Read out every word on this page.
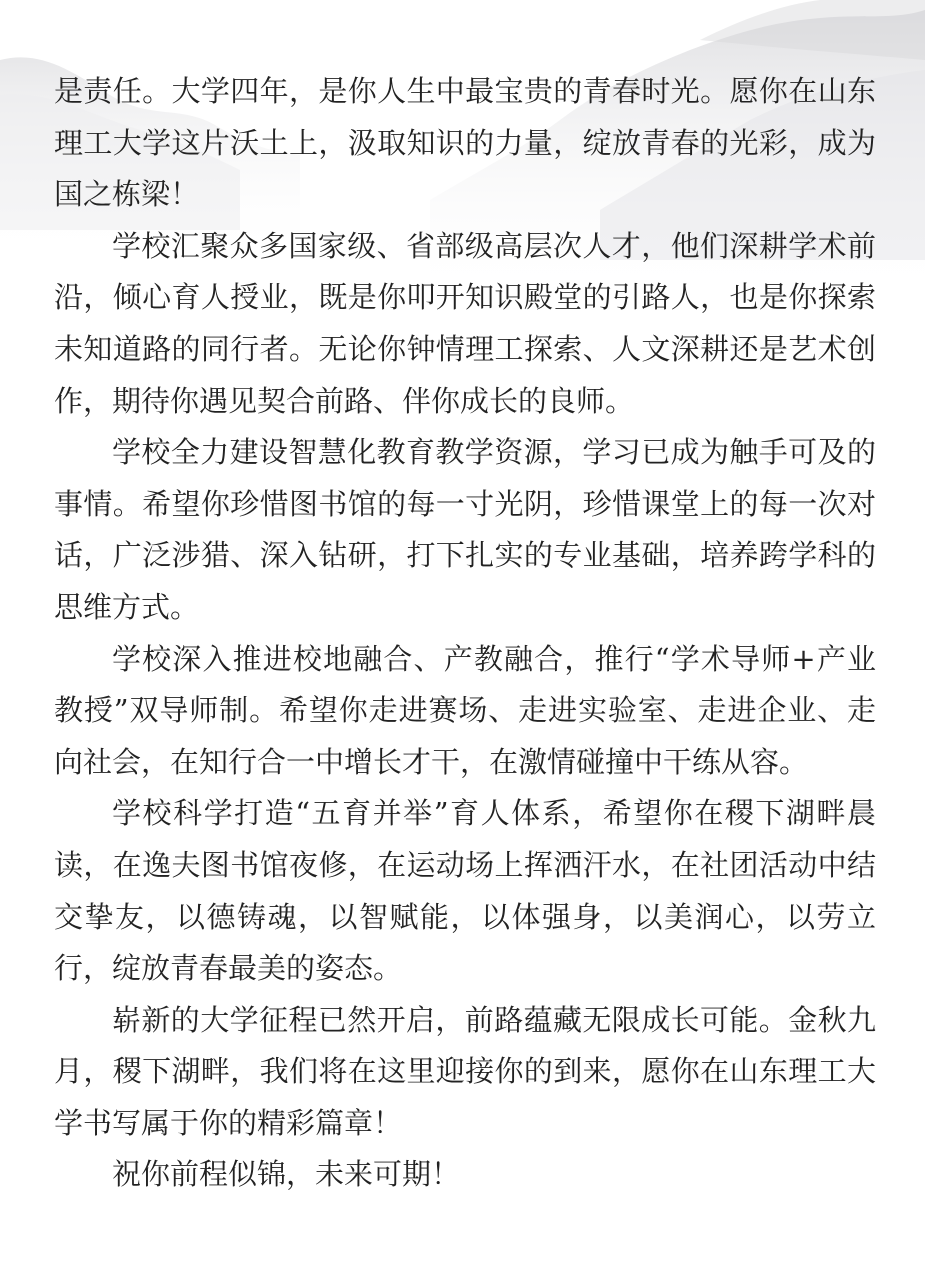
是责任。大学四年，是你人生中最宝贵的青春时光。愿你在山东理工大学这片沃土上，汲取知识的力量，绽放青春的光彩，成为国之栋梁！

学校汇聚众多国家级、省部级高层次人才，他们深耕学术前沿，倾心育人授业，既是你叩开知识殿堂的引路人，也是你探索未知道路的同行者。无论你钟情理工探索、人文深耕还是艺术创作，期待你遇见契合前路、伴你成长的良师。

学校全力建设智慧化教育教学资源，学习已成为触手可及的事情。希望你珍惜图书馆的每一寸光阴，珍惜课堂上的每一次对话，广泛涉猎、深入钻研，打下扎实的专业基础，培养跨学科的思维方式。

学校深入推进校地融合、产教融合，推行“学术导师+产业教授”双导师制。希望你走进赛场、走进实验室、走进企业、走向社会，在知行合一中增长才干，在激情碰撞中干练从容。

学校科学打造“五育并举”育人体系，希望你在稷下湖畔晨读，在逸夫图书馆夜修，在运动场上挥洒汗水，在社团活动中结交挚友，以德铸魂，以智赋能，以体强身，以美润心，以劳立行，绽放青春最美的姿态。

崭新的大学征程已然开启，前路蕴藏无限成长可能。金秋九月，稷下湖畔，我们将在这里迎接你的到来，愿你在山东理工大学书写属于你的精彩篇章！

祝你前程似锦，未来可期！
